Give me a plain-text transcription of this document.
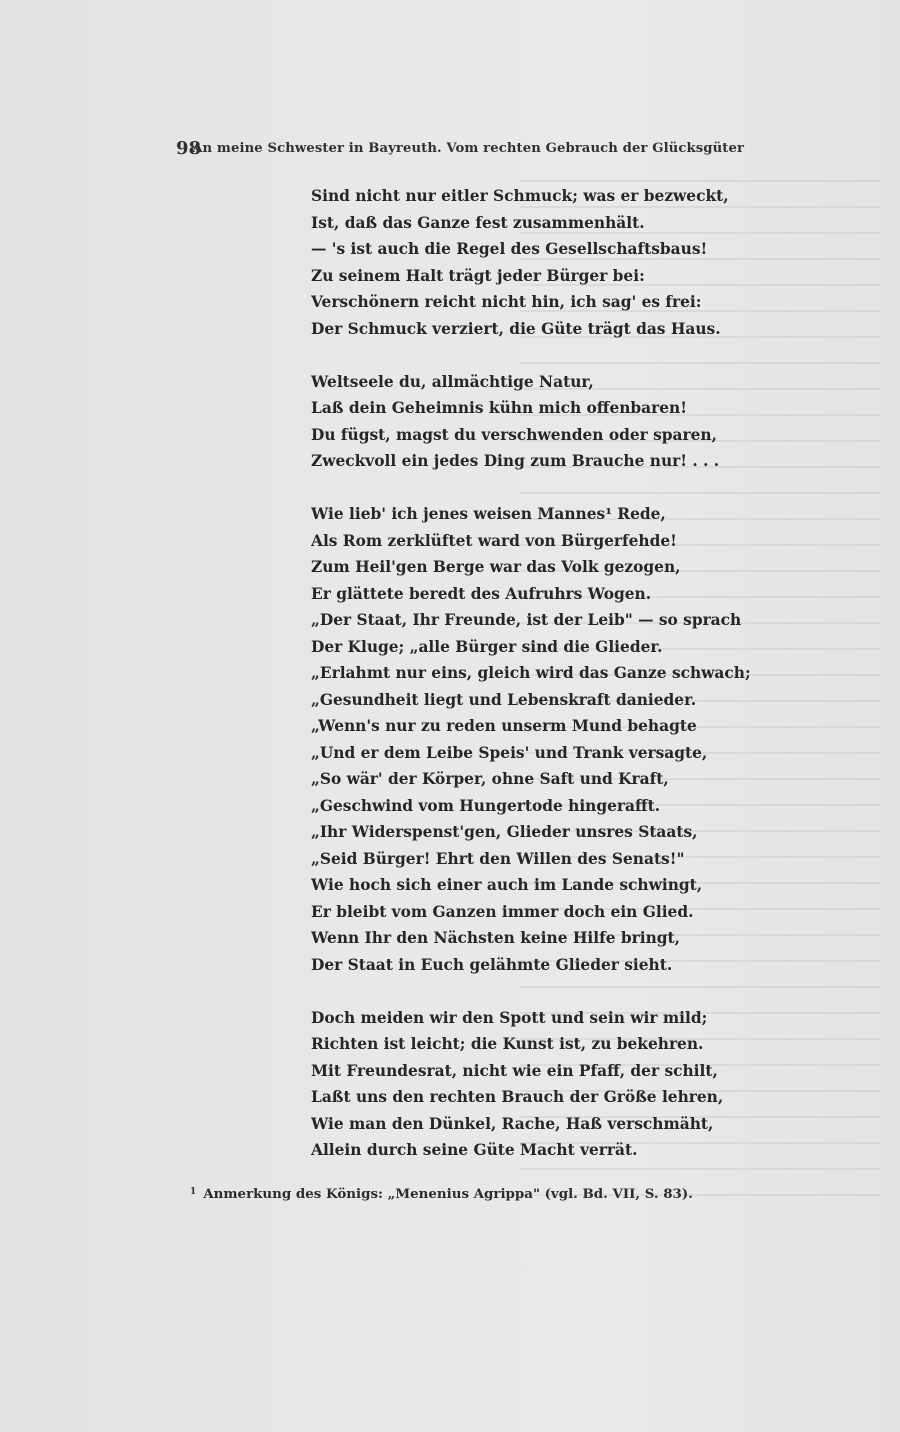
98
An meine Schwester in Bayreuth. Vom rechten Gebrauch der Glücksgüter
Sind nicht nur eitler Schmuck; was er bezweckt,
Ist, daß das Ganze fest zusammenhält.
— 's ist auch die Regel des Gesellschaftsbaus!
Zu seinem Halt trägt jeder Bürger bei:
Verschönern reicht nicht hin, ich sag' es frei:
Der Schmuck verziert, die Güte trägt das Haus.
Weltseele du, allmächtige Natur,
Laß dein Geheimnis kühn mich offenbaren!
Du fügst, magst du verschwenden oder sparen,
Zweckvoll ein jedes Ding zum Brauche nur! . . .
Wie lieb' ich jenes weisen Mannes¹ Rede,
Als Rom zerklüftet ward von Bürgerfehde!
Zum Heil'gen Berge war das Volk gezogen,
Er glättete beredt des Aufruhrs Wogen.
„Der Staat, Ihr Freunde, ist der Leib" — so sprach
Der Kluge; „alle Bürger sind die Glieder.
„Erlahmt nur eins, gleich wird das Ganze schwach;
„Gesundheit liegt und Lebenskraft danieder.
„Wenn's nur zu reden unserm Mund behagte
„Und er dem Leibe Speis' und Trank versagte,
„So wär' der Körper, ohne Saft und Kraft,
„Geschwind vom Hungertode hingerafft.
„Ihr Widerspenst'gen, Glieder unsres Staats,
„Seid Bürger! Ehrt den Willen des Senats!"
Wie hoch sich einer auch im Lande schwingt,
Er bleibt vom Ganzen immer doch ein Glied.
Wenn Ihr den Nächsten keine Hilfe bringt,
Der Staat in Euch gelähmte Glieder sieht.
Doch meiden wir den Spott und sein wir mild;
Richten ist leicht; die Kunst ist, zu bekehren.
Mit Freundesrat, nicht wie ein Pfaff, der schilt,
Laßt uns den rechten Brauch der Größe lehren,
Wie man den Dünkel, Rache, Haß verschmäht,
Allein durch seine Güte Macht verrät.
$^1$ Anmerkung des Königs: „Menenius Agrippa" (vgl. Bd. VII, S. 83).
